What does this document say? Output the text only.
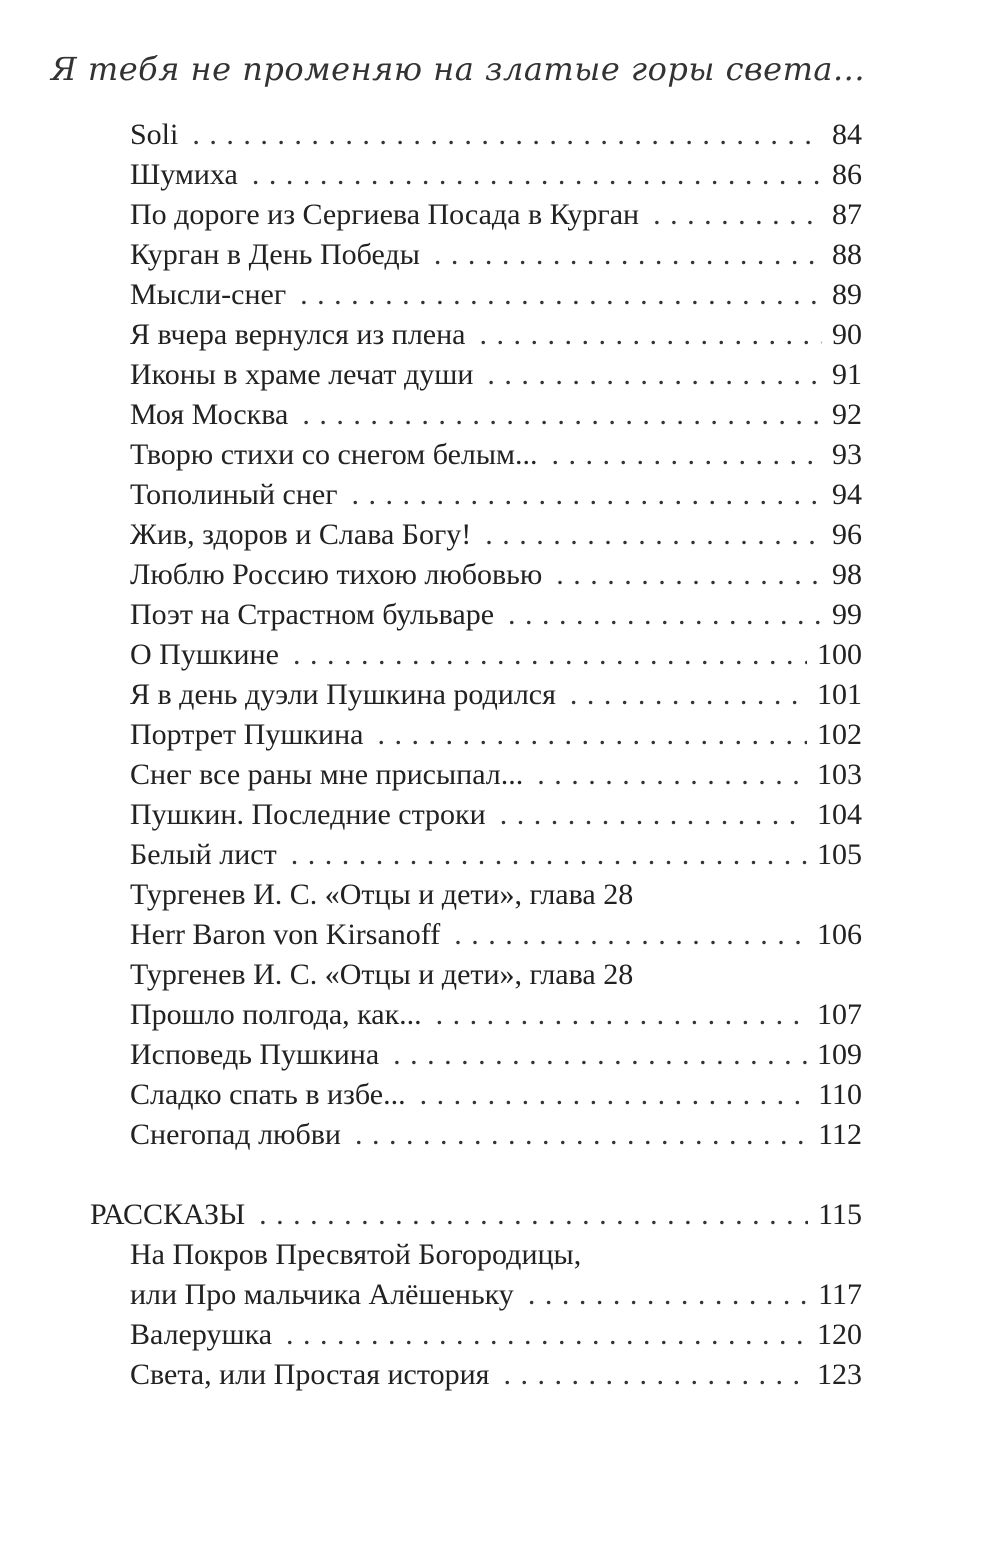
Я тебя не променяю на златые горы света...
Soli . . .	84
Шумиха . . .	86
По дороге из Сергиева Посада в Курган . . .	87
Курган в День Победы . . .	88
Мысли-снег . . .	89
Я вчера вернулся из плена . . .	90
Иконы в храме лечат души . . .	91
Моя Москва . . .	92
Творю стихи со снегом белым... . . .	93
Тополиный снег . . .	94
Жив, здоров и Слава Богу! . . .	96
Люблю Россию тихою любовью . . .	98
Поэт на Страстном бульваре . . .	99
О Пушкине . . .	100
Я в день дуэли Пушкина родился . . .	101
Портрет Пушкина . . .	102
Снег все раны мне присыпал... . . .	103
Пушкин. Последние строки . . .	104
Белый лист . . .	105
Тургенев И. С. «Отцы и дети», глава 28
Herr Baron von Kirsanoff . . .	106
Тургенев И. С. «Отцы и дети», глава 28
Прошло полгода, как... . . .	107
Исповедь Пушкина . . .	109
Сладко спать в избе... . . .	110
Снегопад любви . . .	112
РАССКАЗЫ . . .	115
На Покров Пресвятой Богородицы,
или Про мальчика Алёшеньку . . .	117
Валерушка . . .	120
Света, или Простая история . . .	123
